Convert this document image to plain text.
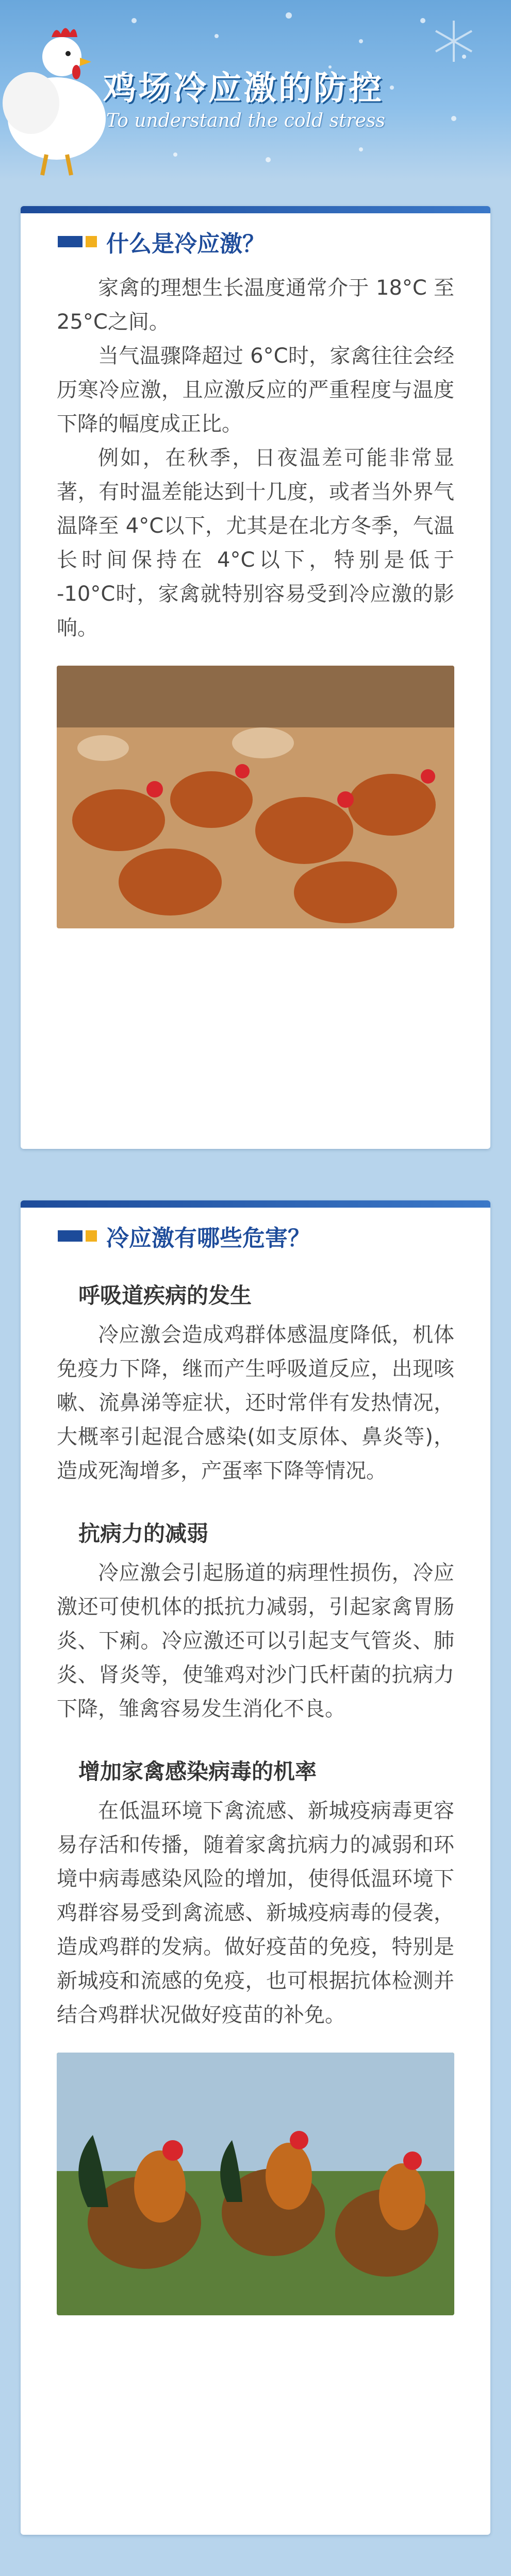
鸡场冷应激的防控
To understand the cold stress
什么是冷应激？

家禽的理想生长温度通常介于 18°C 至 25°C之间。

当气温骤降超过 6°C时，家禽往往会经历寒冷应激，且应激反应的严重程度与温度下降的幅度成正比。

例如，在秋季，日夜温差可能非常显著，有时温差能达到十几度，或者当外界气温降至 4°C以下，尤其是在北方冬季，气温长时间保持在 4°C以下，特别是低于 -10°C时，家禽就特别容易受到冷应激的影响。

冷应激有哪些危害？
呼吸道疾病的发生

冷应激会造成鸡群体感温度降低，机体免疫力下降，继而产生呼吸道反应，出现咳嗽、流鼻涕等症状，还时常伴有发热情况，大概率引起混合感染(如支原体、鼻炎等)，造成死淘增多，产蛋率下降等情况。

抗病力的减弱

冷应激会引起肠道的病理性损伤，冷应激还可使机体的抵抗力减弱，引起家禽胃肠炎、下痢。冷应激还可以引起支气管炎、肺炎、肾炎等，使雏鸡对沙门氏杆菌的抗病力下降，雏禽容易发生消化不良。

增加家禽感染病毒的机率

在低温环境下禽流感、新城疫病毒更容易存活和传播，随着家禽抗病力的减弱和环境中病毒感染风险的增加，使得低温环境下鸡群容易受到禽流感、新城疫病毒的侵袭，造成鸡群的发病。做好疫苗的免疫，特别是新城疫和流感的免疫，也可根据抗体检测并结合鸡群状况做好疫苗的补免。
